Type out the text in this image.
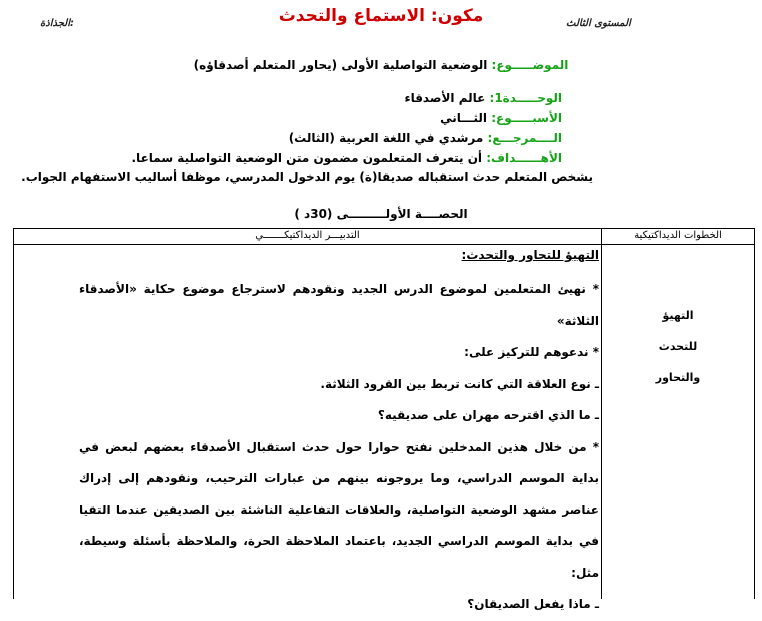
المستوى الثالث
مكون: الاستماع والتحدث
الجذاذة:
الموضـــــوع: الوضعية التواصلية الأولى (يحاور المتعلم أصدقاؤه)
الوحـــــدة1: عالم الأصدقاء
الأسبـــــوع: الثـــاني
الــــمرجـــع: مرشدي في اللغة العربية (الثالث)
الأهــــــداف: أن يتعرف المتعلمون مضمون متن الوضعية التواصلية سماعا.
يشخص المتعلم حدث استقباله صديقا(ة) يوم الدخول المدرسي، موظفا أساليب الاستفهام الجواب.
الحصــــة الأولـــــــــى (30د )
الخطوات الديداكتيكية
التدبيـــر الديداكتيكـــــــي
التهيؤ
للتحدث
والتحاور

التهيؤ للتحاور والتحدث:

* نهيئ المتعلمين لموضوع الدرس الجديد ونقودهم لاسترجاع موضوع حكاية «الأصدقاء الثلاثة»

* ندعوهم للتركيز على:

ـ نوع العلاقة التي كانت تربط بين القرود الثلاثة.

ـ ما الذي اقترحه مهران على صديقيه؟

* من خلال هذين المدخلين نفتح حوارا حول حدث استقبال الأصدقاء بعضهم لبعض في بداية الموسم الدراسي، وما يروجونه بينهم من عبارات الترحيب، ونقودهم إلى إدراك عناصر مشهد الوضعية التواصلية، والعلاقات التفاعلية الناشئة بين الصديقين عندما التقيا في بداية الموسم الدراسي الجديد، باعتماد الملاحظة الحرة، والملاحظة بأسئلة وسيطة، مثل:

ـ ماذا يفعل الصديقان؟
